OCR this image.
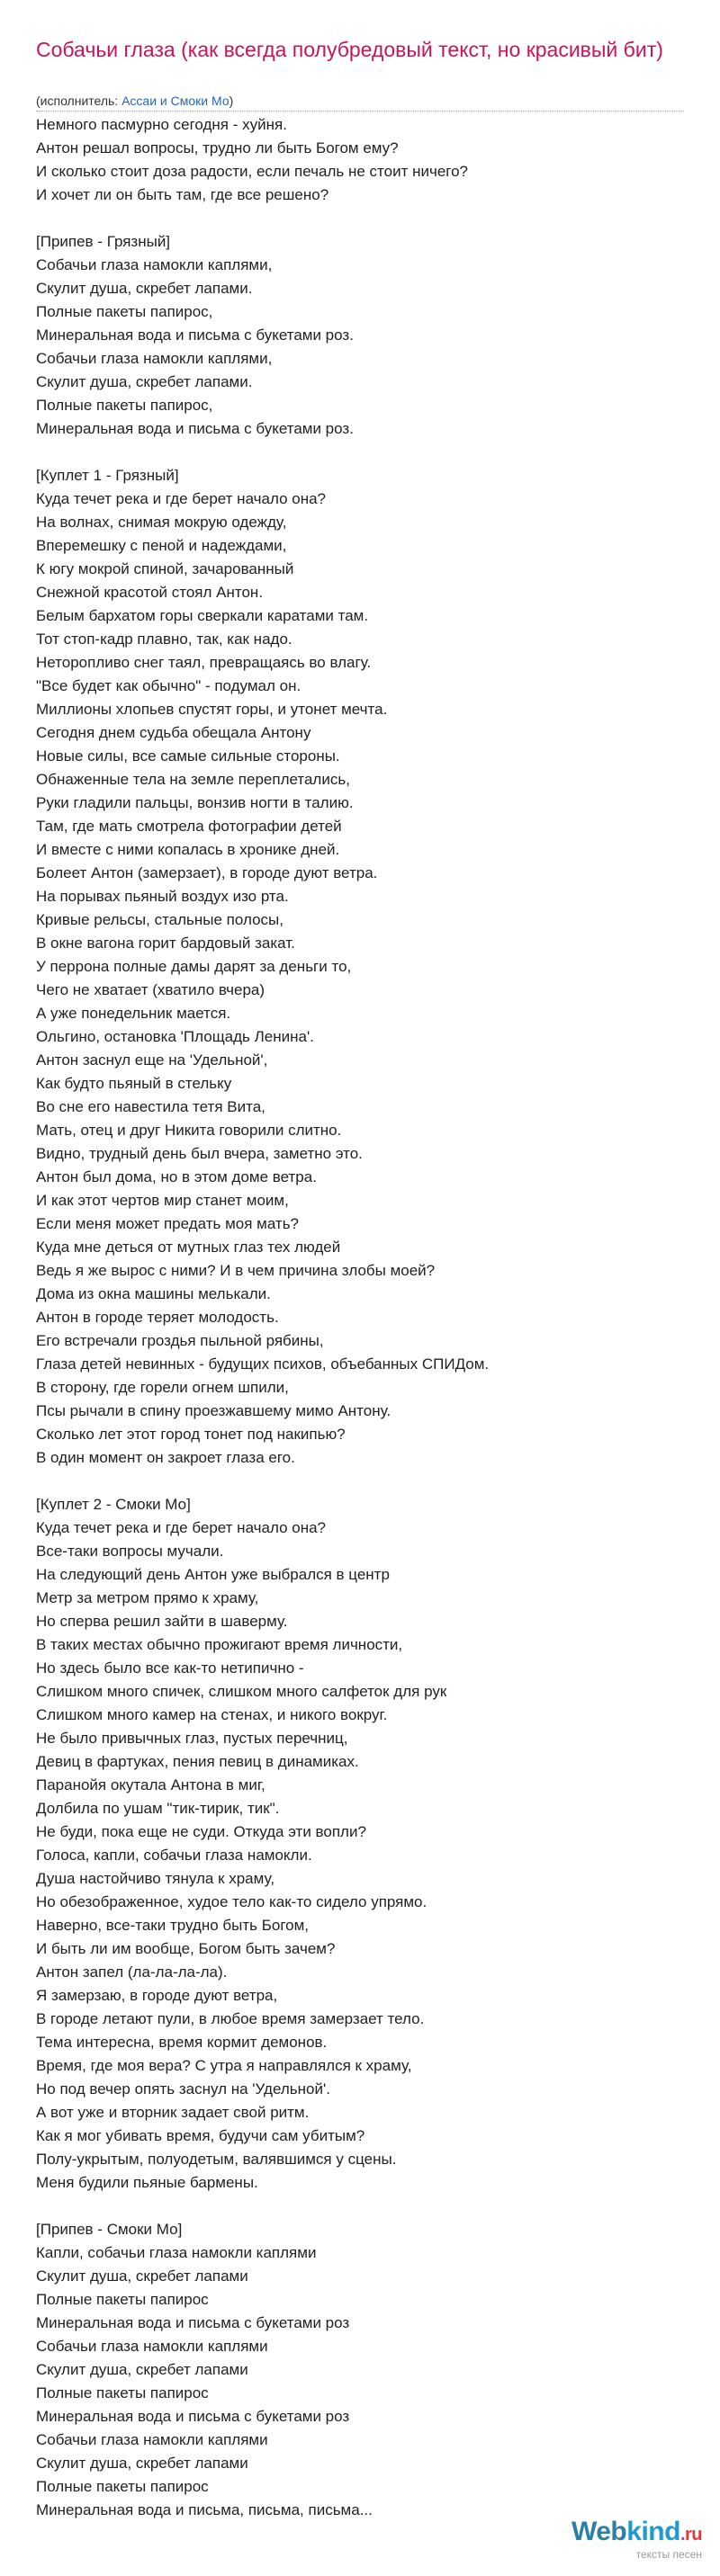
Собачьи глаза (как всегда полубредовый текст, но красивый бит)
(исполнитель: Ассаи и Смоки Мо)
Немного пасмурно сегодня - хуйня.
Антон решал вопросы, трудно ли быть Богом ему?
И сколько стоит доза радости, если печаль не стоит ничего?
И хочет ли он быть там, где все решено?
[Припев - Грязный]
Собачьи глаза намокли каплями,
Скулит душа, скребет лапами.
Полные пакеты папирос,
Минеральная вода и письма с букетами роз.
Собачьи глаза намокли каплями,
Скулит душа, скребет лапами.
Полные пакеты папирос,
Минеральная вода и письма с букетами роз.
[Куплет 1 - Грязный]
Куда течет река и где берет начало она?
На волнах, снимая мокрую одежду,
Вперемешку с пеной и надеждами,
К югу мокрой спиной, зачарованный
Снежной красотой стоял Антон.
Белым бархатом горы сверкали каратами там.
Тот стоп-кадр плавно, так, как надо.
Неторопливо снег таял, превращаясь во влагу.
"Все будет как обычно" - подумал он.
Миллионы хлопьев спустят горы, и утонет мечта.
Сегодня днем судьба обещала Антону
Новые силы, все самые сильные стороны.
Обнаженные тела на земле переплетались,
Руки гладили пальцы, вонзив ногти в талию.
Там, где мать смотрела фотографии детей
И вместе с ними копалась в хронике дней.
Болеет Антон (замерзает), в городе дуют ветра.
На порывах пьяный воздух изо рта.
Кривые рельсы, стальные полосы,
В окне вагона горит бардовый закат.
У перрона полные дамы дарят за деньги то,
Чего не хватает (хватило вчера)
А уже понедельник мается.
Ольгино, остановка 'Площадь Ленина'.
Антон заснул еще на 'Удельной',
Как будто пьяный в стельку
Во сне его навестила тетя Вита,
Мать, отец и друг Никита говорили слитно.
Видно, трудный день был вчера, заметно это.
Антон был дома, но в этом доме ветра.
И как этот чертов мир станет моим,
Если меня может предать моя мать?
Куда мне деться от мутных глаз тех людей
Ведь я же вырос с ними? И в чем причина злобы моей?
Дома из окна машины мелькали.
Антон в городе теряет молодость.
Его встречали гроздья пыльной рябины,
Глаза детей невинных - будущих психов, объебанных СПИДом.
В сторону, где горели огнем шпили,
Псы рычали в спину проезжавшему мимо Антону.
Сколько лет этот город тонет под накипью?
В один момент он закроет глаза его.
[Куплет 2 - Смоки Мо]
Куда течет река и где берет начало она?
Все-таки вопросы мучали.
На следующий день Антон уже выбрался в центр
Метр за метром прямо к храму,
Но сперва решил зайти в шаверму.
В таких местах обычно прожигают время личности,
Но здесь было все как-то нетипично -
Слишком много спичек, слишком много салфеток для рук
Слишком много камер на стенах, и никого вокруг.
Не было привычных глаз, пустых перечниц,
Девиц в фартуках, пения певиц в динамиках.
Паранойя окутала Антона в миг,
Долбила по ушам "тик-тирик, тик".
Не буди, пока еще не суди. Откуда эти вопли?
Голоса, капли, собачьи глаза намокли.
Душа настойчиво тянула к храму,
Но обезображенное, худое тело как-то сидело упрямо.
Наверно, все-таки трудно быть Богом,
И быть ли им вообще, Богом быть зачем?
Антон запел (ла-ла-ла-ла).
Я замерзаю, в городе дуют ветра,
В городе летают пули, в любое время замерзает тело.
Тема интересна, время кормит демонов.
Время, где моя вера? С утра я направлялся к храму,
Но под вечер опять заснул на 'Удельной'.
А вот уже и вторник задает свой ритм.
Как я мог убивать время, будучи сам убитым?
Полу-укрытым, полуодетым, валявшимся у сцены.
Меня будили пьяные бармены.
[Припев - Смоки Мо]
Капли, собачьи глаза намокли каплями
Скулит душа, скребет лапами
Полные пакеты папирос
Минеральная вода и письма с букетами роз
Собачьи глаза намокли каплями
Скулит душа, скребет лапами
Полные пакеты папирос
Минеральная вода и письма с букетами роз
Собачьи глаза намокли каплями
Скулит душа, скребет лапами
Полные пакеты папирос
Минеральная вода и письма, письма, письма...
Webkind.ru
тексты песен
